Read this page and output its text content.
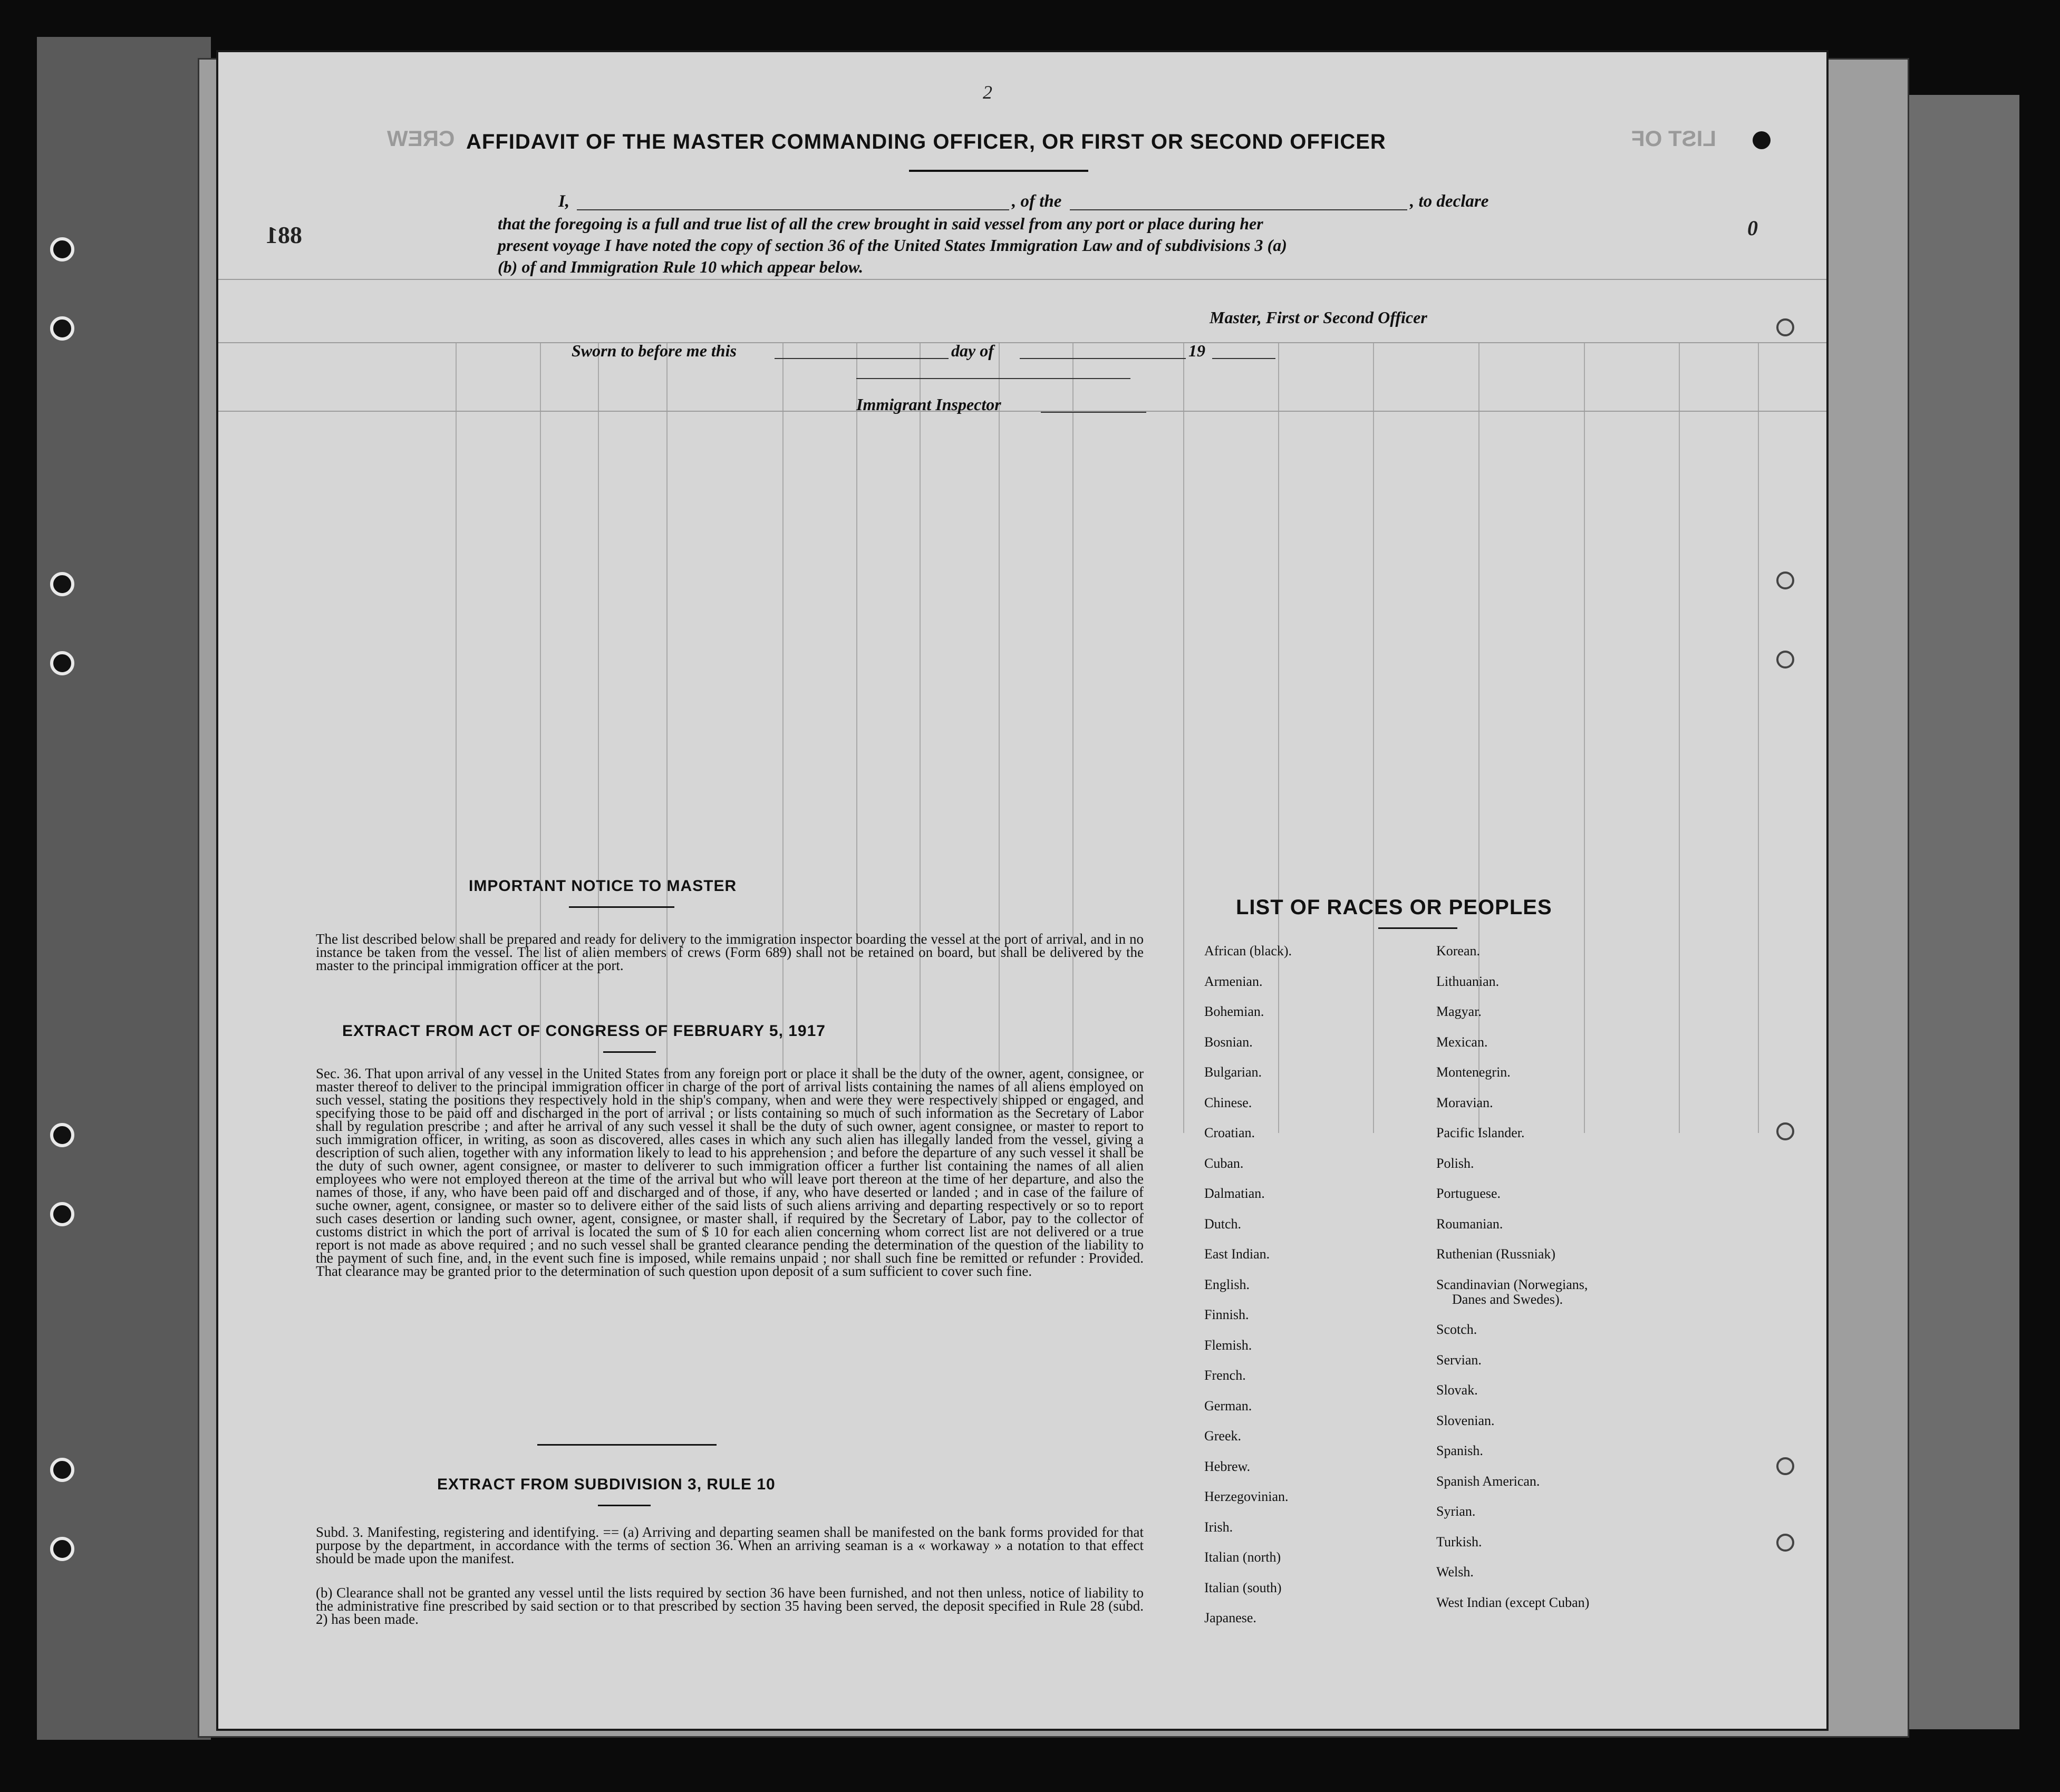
LIST OF
CREW
881
2
0
AFFIDAVIT OF THE MASTER COMMANDING OFFICER, OR FIRST OR SECOND OFFICER
I,	, of the	, to declare
that the foregoing is a full and true list of all the crew brought in said vessel from any port or place during her
present voyage I have noted the copy of section 36 of the United States Immigration Law and of subdivisions 3 (a)
(b) of and Immigration Rule 10 which appear below.
Master, First or Second Officer
Sworn to before me this	day of	19
Immigrant Inspector
IMPORTANT NOTICE TO MASTER
The list described below shall be prepared and ready for delivery to the immigration inspector boarding the vessel at the port of arrival, and in no instance be taken from the vessel. The list of alien members of crews (Form 689) shall not be retained on board, but shall be delivered by the master to the principal immigration officer at the port.
EXTRACT FROM ACT OF CONGRESS OF FEBRUARY 5, 1917
Sec. 36. That upon arrival of any vessel in the United States from any foreign port or place it shall be the duty of the owner, agent, consignee, or master thereof to deliver to the principal immigration officer in charge of the port of arrival lists containing the names of all aliens employed on such vessel, stating the positions they respectively hold in the ship's company, when and were they were respectively shipped or engaged, and specifying those to be paid off and discharged in the port of arrival ; or lists containing so much of such information as the Secretary of Labor shall by regulation prescribe ; and after he arrival of any such vessel it shall be the duty of such owner, agent consignee, or master to report to such immigration officer, in writing, as soon as discovered, alles cases in which any such alien has illegally landed from the vessel, giving a description of such alien, together with any information likely to lead to his apprehension ; and before the departure of any such vessel it shall be the duty of such owner, agent consignee, or master to deliverer to such immigration officer a further list containing the names of all alien employees who were not employed thereon at the time of the arrival but who will leave port thereon at the time of her departure, and also the names of those, if any, who have been paid off and discharged and of those, if any, who have deserted or landed ; and in case of the failure of suche owner, agent, consignee, or master so to delivere either of the said lists of such aliens arriving and departing respectively or so to report such cases desertion or landing such owner, agent, consignee, or master shall, if required by the Secretary of Labor, pay to the collector of customs district in which the port of arrival is located the sum of $ 10 for each alien concerning whom correct list are not delivered or a true report is not made as above required ; and no such vessel shall be granted clearance pending the determination of the question of the liability to the payment of such fine, and, in the event such fine is imposed, while remains unpaid ; nor shall such fine be remitted or refunder : Provided. That clearance may be granted prior to the determination of such question upon deposit of a sum sufficient to cover such fine.
EXTRACT FROM SUBDIVISION 3, RULE 10
Subd. 3. Manifesting, registering and identifying. == (a) Arriving and departing seamen shall be manifested on the bank forms provided for that purpose by the department, in accordance with the terms of section 36. When an arriving seaman is a « workaway » a notation to that effect should be made upon the manifest.
(b) Clearance shall not be granted any vessel until the lists required by section 36 have been furnished, and not then unless, notice of liability to the administrative fine prescribed by said section or to that prescribed by section 35 having been served, the deposit specified in Rule 28 (subd. 2) has been made.
LIST OF RACES OR PEOPLES
African (black).
Armenian.
Bohemian.
Bosnian.
Bulgarian.
Chinese.
Croatian.
Cuban.
Dalmatian.
Dutch.
East Indian.
English.
Finnish.
Flemish.
French.
German.
Greek.
Hebrew.
Herzegovinian.
Irish.
Italian (north)
Italian (south)
Japanese.
Korean.
Lithuanian.
Magyar.
Mexican.
Montenegrin.
Moravian.
Pacific Islander.
Polish.
Portuguese.
Roumanian.
Ruthenian (Russniak)
Scandinavian (Norwegians,
Danes and Swedes).
Scotch.
Servian.
Slovak.
Slovenian.
Spanish.
Spanish American.
Syrian.
Turkish.
Welsh.
West Indian (except Cuban)
